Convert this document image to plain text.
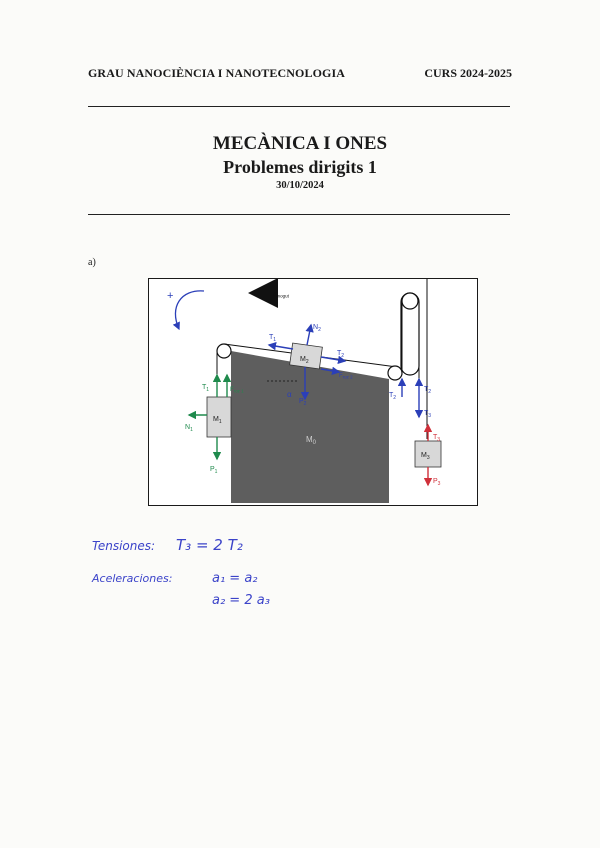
GRAU NANOCIÈNCIA I NANOTECNOLOGIA	CURS 2024-2025
MECÀNICA I ONES
Problemes dirigits 1
30/10/2024
a)
$M_0$
$M_1$
$M_2$
$M_3$
$a_{mogut}$
+
$T_1$	$F_{roz 1}$
$N_1$
$P_1$
$T_1$
$T_2$
$N_2$
$F_{roz 2}$
$P_2$
α	$T_2$
$T_2$
$T_3$
$T_3$
$P_3$
Tensiones: T₃ = 2 T₂
Aceleraciones:	a₁ = a₂
a₂ = 2 a₃
